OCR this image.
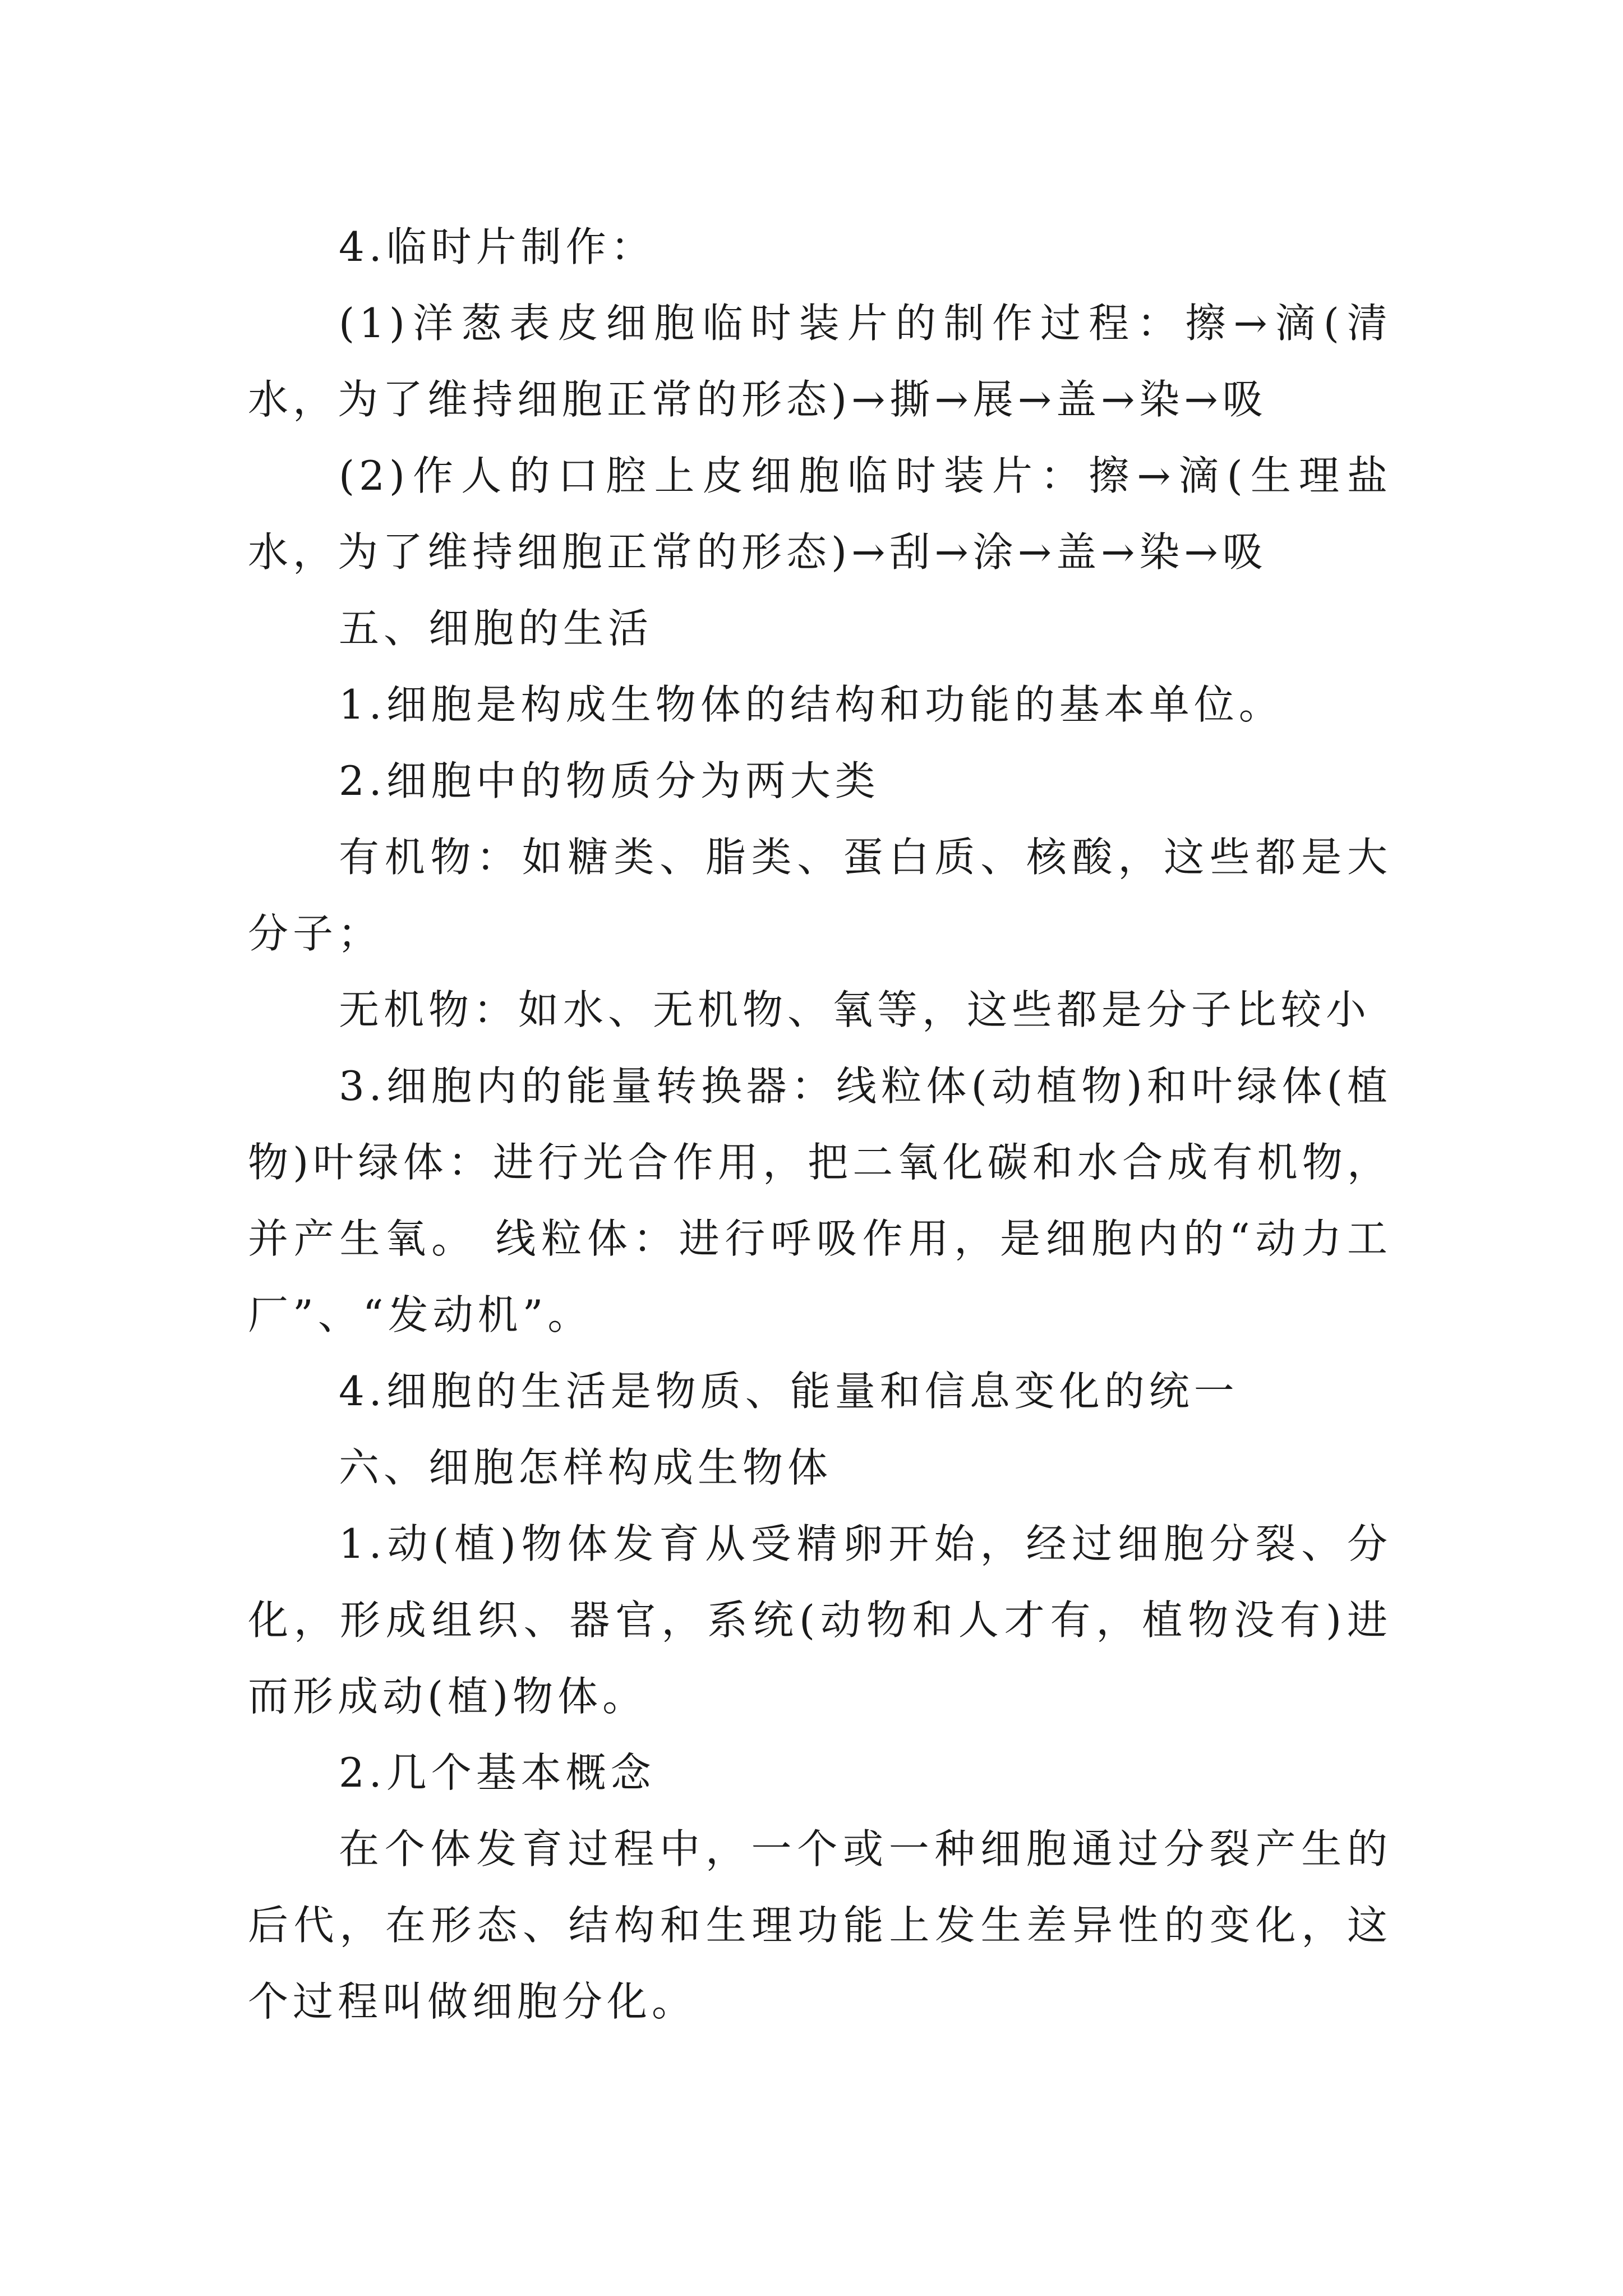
4.临时片制作：

(1)洋葱表皮细胞临时装片的制作过程：擦→滴(清水，为了维持细胞正常的形态)→撕→展→盖→染→吸

(2)作人的口腔上皮细胞临时装片：擦→滴(生理盐水，为了维持细胞正常的形态)→刮→涂→盖→染→吸

五、细胞的生活

1.细胞是构成生物体的结构和功能的基本单位。

2.细胞中的物质分为两大类

有机物：如糖类、脂类、蛋白质、核酸，这些都是大分子；

无机物：如水、无机物、氧等，这些都是分子比较小

3.细胞内的能量转换器：线粒体(动植物)和叶绿体(植物)叶绿体：进行光合作用，把二氧化碳和水合成有机物，并产生氧。 线粒体：进行呼吸作用，是细胞内的“动力工厂”、“发动机”。

4.细胞的生活是物质、能量和信息变化的统一

六、细胞怎样构成生物体

1.动(植)物体发育从受精卵开始，经过细胞分裂、分化，形成组织、器官，系统(动物和人才有，植物没有)进而形成动(植)物体。

2.几个基本概念

在个体发育过程中，一个或一种细胞通过分裂产生的后代，在形态、结构和生理功能上发生差异性的变化，这个过程叫做细胞分化。
